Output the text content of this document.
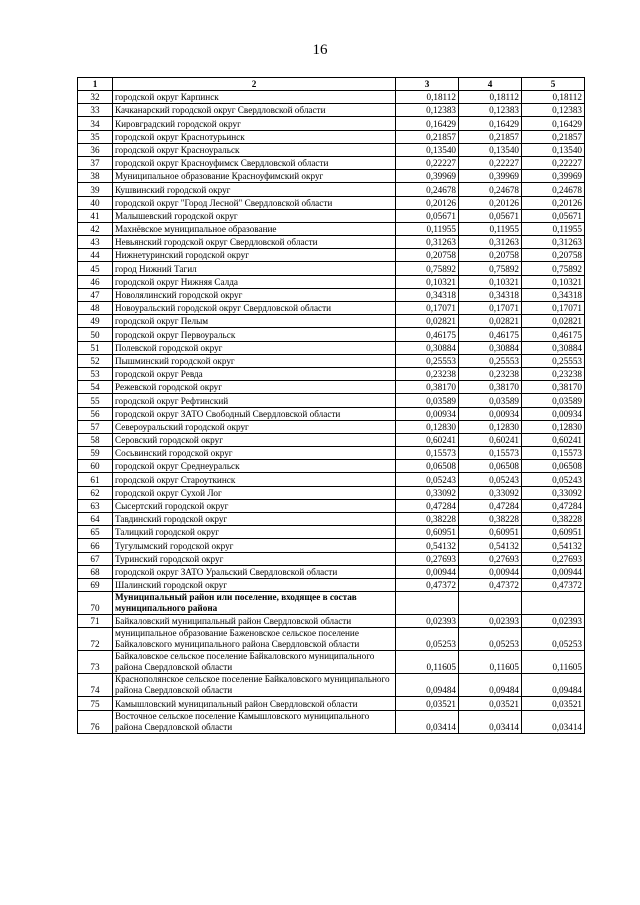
16
1	2	3	4	5
32	городской округ Карпинск	0,18112	0,18112	0,18112
33	Качканарский городской округ Свердловской области	0,12383	0,12383	0,12383
34	Кировградский городской округ	0,16429	0,16429	0,16429
35	городской округ Краснотурьинск	0,21857	0,21857	0,21857
36	городской округ Красноуральск	0,13540	0,13540	0,13540
37	городской округ Красноуфимск Свердловской области	0,22227	0,22227	0,22227
38	Муниципальное образование Красноуфимский округ	0,39969	0,39969	0,39969
39	Кушвинский городской округ	0,24678	0,24678	0,24678
40	городской округ "Город Лесной" Свердловской области	0,20126	0,20126	0,20126
41	Малышевский городской округ	0,05671	0,05671	0,05671
42	Махнёвское муниципальное образование	0,11955	0,11955	0,11955
43	Невьянский городской округ Свердловской области	0,31263	0,31263	0,31263
44	Нижнетуринский городской округ	0,20758	0,20758	0,20758
45	город Нижний Тагил	0,75892	0,75892	0,75892
46	городской округ Нижняя Салда	0,10321	0,10321	0,10321
47	Новолялинский городской округ	0,34318	0,34318	0,34318
48	Новоуральский городской округ Свердловской области	0,17071	0,17071	0,17071
49	городской округ Пелым	0,02821	0,02821	0,02821
50	городской округ Первоуральск	0,46175	0,46175	0,46175
51	Полевской городской округ	0,30884	0,30884	0,30884
52	Пышминский городской округ	0,25553	0,25553	0,25553
53	городской округ Ревда	0,23238	0,23238	0,23238
54	Режевской городской округ	0,38170	0,38170	0,38170
55	городской округ Рефтинский	0,03589	0,03589	0,03589
56	городской округ ЗАТО Свободный Свердловской области	0,00934	0,00934	0,00934
57	Североуральский городской округ	0,12830	0,12830	0,12830
58	Серовский городской округ	0,60241	0,60241	0,60241
59	Сосьвинский городской округ	0,15573	0,15573	0,15573
60	городской округ Среднеуральск	0,06508	0,06508	0,06508
61	городской округ Староуткинск	0,05243	0,05243	0,05243
62	городской округ Сухой Лог	0,33092	0,33092	0,33092
63	Сысертский городской округ	0,47284	0,47284	0,47284
64	Тавдинский городской округ	0,38228	0,38228	0,38228
65	Талицкий городской округ	0,60951	0,60951	0,60951
66	Тугулымский городской округ	0,54132	0,54132	0,54132
67	Туринский городской округ	0,27693	0,27693	0,27693
68	городской округ ЗАТО Уральский Свердловской области	0,00944	0,00944	0,00944
69	Шалинский городской округ	0,47372	0,47372	0,47372
70	Муниципальный район или поселение, входящее в состав муниципального района			
71	Байкаловский муниципальный район Свердловской области	0,02393	0,02393	0,02393
72	муниципальное образование Баженовское сельское поселение Байкаловского муниципального района Свердловской области	0,05253	0,05253	0,05253
73	Байкаловское сельское поселение Байкаловского муниципального района Свердловской области	0,11605	0,11605	0,11605
74	Краснополянское сельское поселение Байкаловского муниципального района Свердловской области	0,09484	0,09484	0,09484
75	Камышловский муниципальный район Свердловской области	0,03521	0,03521	0,03521
76	Восточное сельское поселение Камышловского муниципального района Свердловской области	0,03414	0,03414	0,03414
